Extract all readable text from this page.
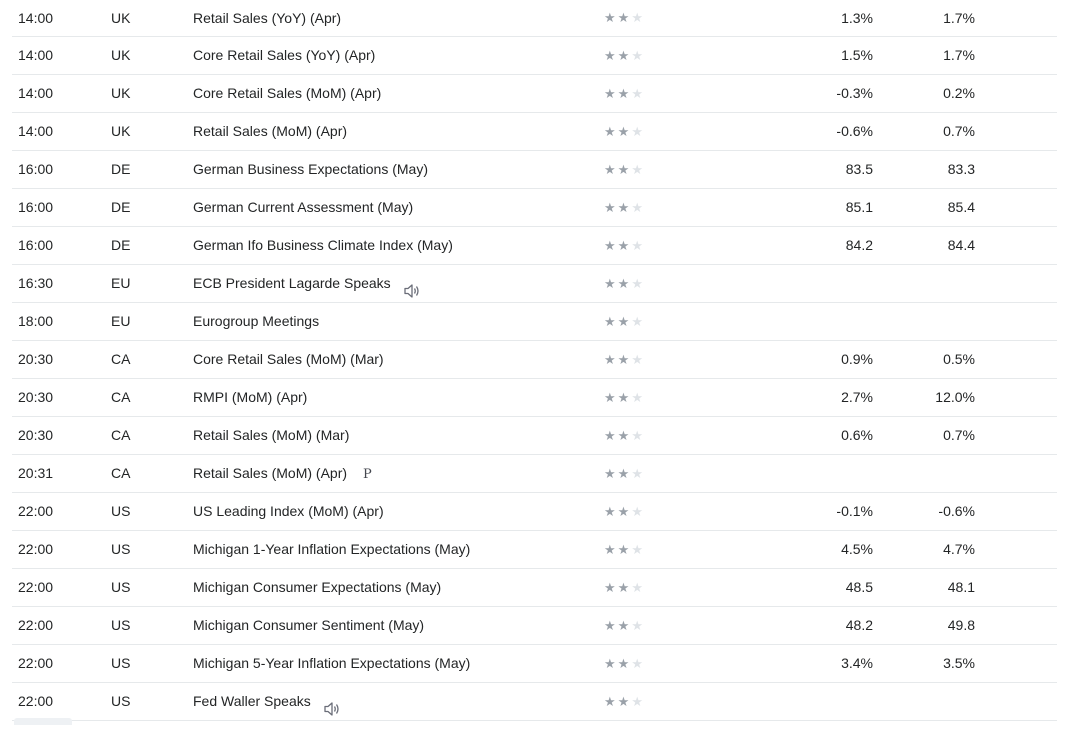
14:00	UK	Retail Sales (YoY) (Apr)	★★★	1.3%	1.7%
14:00	UK	Core Retail Sales (YoY) (Apr)	★★★	1.5%	1.7%
14:00	UK	Core Retail Sales (MoM) (Apr)	★★★	-0.3%	0.2%
14:00	UK	Retail Sales (MoM) (Apr)	★★★	-0.6%	0.7%
16:00	DE	German Business Expectations (May)	★★★	83.5	83.3
16:00	DE	German Current Assessment (May)	★★★	85.1	85.4
16:00	DE	German Ifo Business Climate Index (May)	★★★	84.2	84.4
16:30	EU	ECB President Lagarde Speaks	★★★
18:00	EU	Eurogroup Meetings	★★★
20:30	CA	Core Retail Sales (MoM) (Mar)	★★★	0.9%	0.5%
20:30	CA	RMPI (MoM) (Apr)	★★★	2.7%	12.0%
20:30	CA	Retail Sales (MoM) (Mar)	★★★	0.6%	0.7%
20:31	CA	Retail Sales (MoM) (Apr) P	★★★
22:00	US	US Leading Index (MoM) (Apr)	★★★	-0.1%	-0.6%
22:00	US	Michigan 1-Year Inflation Expectations (May)	★★★	4.5%	4.7%
22:00	US	Michigan Consumer Expectations (May)	★★★	48.5	48.1
22:00	US	Michigan Consumer Sentiment (May)	★★★	48.2	49.8
22:00	US	Michigan 5-Year Inflation Expectations (May)	★★★	3.4%	3.5%
22:00	US	Fed Waller Speaks	★★★
